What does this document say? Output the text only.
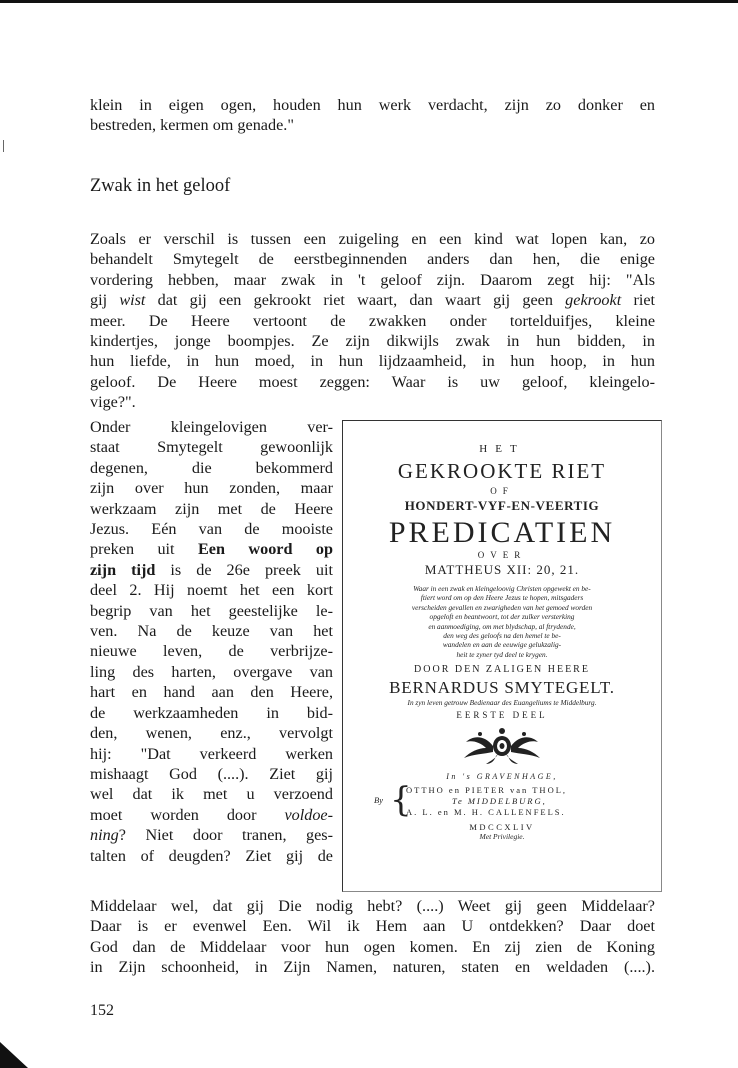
klein in eigen ogen, houden hun werk verdacht, zijn zo donker en
bestreden, kermen om genade."
Zwak in het geloof
Zoals er verschil is tussen een zuigeling en een kind wat lopen kan, zo
behandelt Smytegelt de eerstbeginnenden anders dan hen, die enige
vordering hebben, maar zwak in 't geloof zijn. Daarom zegt hij: "Als
gij wist dat gij een gekrookt riet waart, dan waart gij geen gekrookt riet
meer. De Heere vertoont de zwakken onder tortelduifjes, kleine
kindertjes, jonge boompjes. Ze zijn dikwijls zwak in hun bidden, in
hun liefde, in hun moed, in hun lijdzaamheid, in hun hoop, in hun
geloof. De Heere moest zeggen: Waar is uw geloof, kleingelo-
vige?".
Onder kleingelovigen ver-
staat Smytegelt gewoonlijk
degenen, die bekommerd
zijn over hun zonden, maar
werkzaam zijn met de Heere
Jezus. Eén van de mooiste
preken uit Een woord op
zijn tijd is de 26e preek uit
deel 2. Hij noemt het een kort
begrip van het geestelijke le-
ven. Na de keuze van het
nieuwe leven, de verbrijze-
ling des harten, overgave van
hart en hand aan den Heere,
de werkzaamheden in bid-
den, wenen, enz., vervolgt
hij: "Dat verkeerd werken
mishaagt God (....). Ziet gij
wel dat ik met u verzoend
moet worden door voldoe-
ning? Niet door tranen, ges-
talten of deugden? Ziet gij de
Middelaar wel, dat gij Die nodig hebt? (....) Weet gij geen Middelaar?
Daar is er evenwel Een. Wil ik Hem aan U ontdekken? Daar doet
God dan de Middelaar voor hun ogen komen. En zij zien de Koning
in Zijn schoonheid, in Zijn Namen, naturen, staten en weldaden (....).
HET
GEKROOKTE RIET
OF
HONDERT-VYF-EN-VEERTIG
PREDICATIEN
OVER
MATTHEUS XII: 20, 21.
Waar in een zwak en kleingeloovig Christen opgewekt en be-
ftiert word om op den Heere Jezus te hopen, mitsgaders
verscheiden gevallen en zwarigheden van het gemoed worden
opgeloft en beantwoort, tot der zulker versterking
en aanmoediging, om met blydschap, al ftrydende,
den weg des geloofs na den hemel te be-
wandelen en aan de eeuwige gelukzalig-
heit te zyner tyd deel te krygen.
DOOR DEN ZALIGEN HEERE
BERNARDUS SMYTEGELT.
In zyn leven getrouw Bedienaar des Euangeliums te Middelburg.
EERSTE DEEL
In 's GRAVENHAGE,
By {
OTTHO en PIETER van THOL,
Te MIDDELBURG,
A. L. en M. H. CALLENFELS.
MDCCXLIV
Met Privilegie.
152
